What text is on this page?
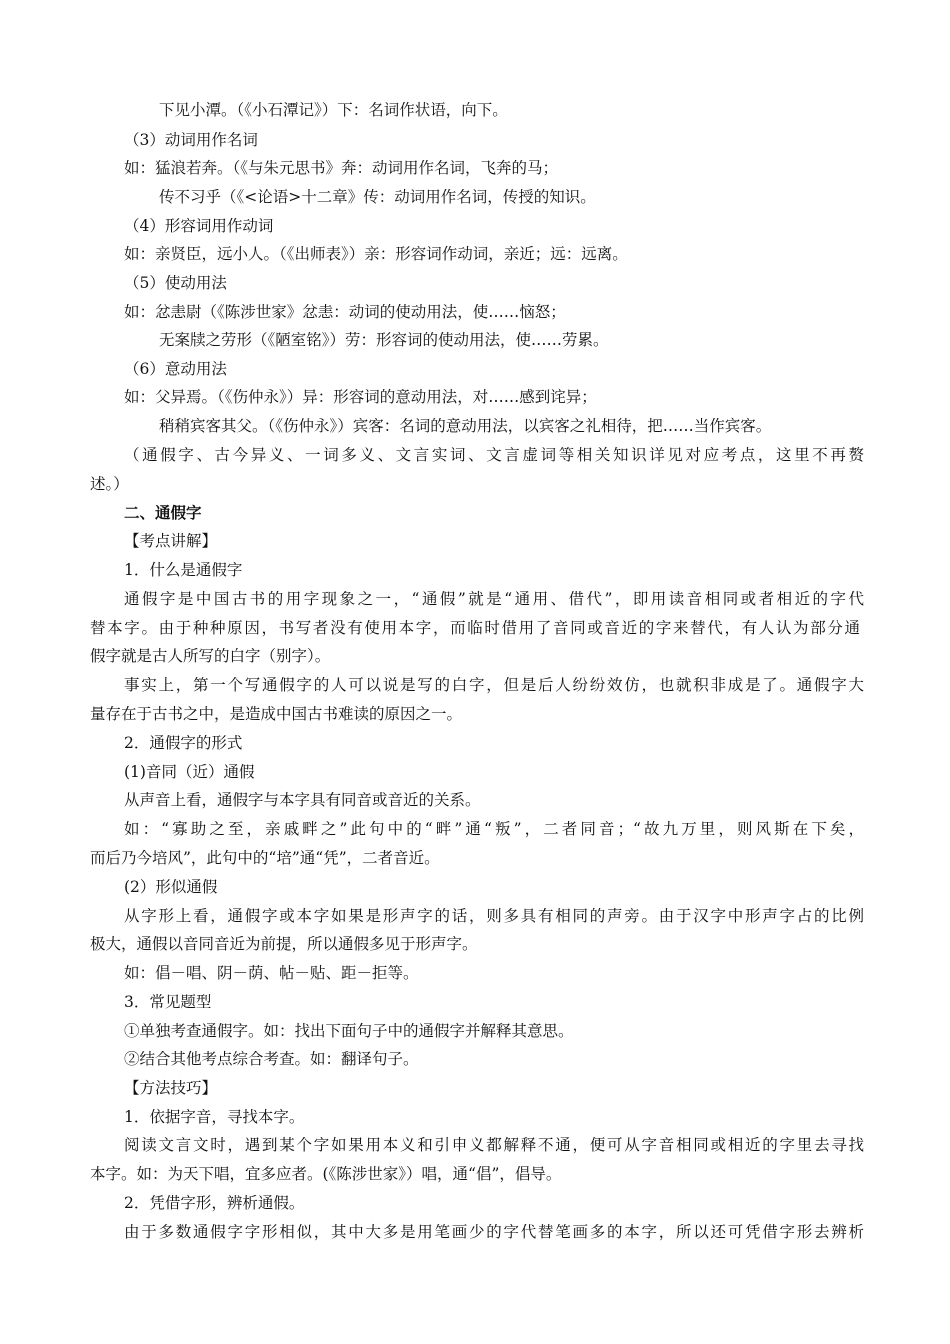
下见小潭。（《小石潭记》）下：名词作状语，向下。
（3）动词用作名词
如：猛浪若奔。（《与朱元思书》奔：动词用作名词，飞奔的马；
传不习乎（《<论语>十二章》传：动词用作名词，传授的知识。
（4）形容词用作动词
如：亲贤臣，远小人。（《出师表》）亲：形容词作动词，亲近；远：远离。
（5）使动用法
如：忿恚尉（《陈涉世家》忿恚：动词的使动用法，使……恼怒；
无案牍之劳形（《陋室铭》）劳：形容词的使动用法，使……劳累。
（6）意动用法
如：父异焉。（《伤仲永》）异：形容词的意动用法，对……感到诧异；
稍稍宾客其父。（《伤仲永》）宾客：名词的意动用法，以宾客之礼相待，把……当作宾客。
（通假字、古今异义、一词多义、文言实词、文言虚词等相关知识详见对应考点，这里不再赘
述。）
二、通假字
【考点讲解】
1．什么是通假字
通假字是中国古书的用字现象之一，“通假”就是“通用、借代”，即用读音相同或者相近的字代
替本字。由于种种原因，书写者没有使用本字，而临时借用了音同或音近的字来替代，有人认为部分通
假字就是古人所写的白字（别字）。
事实上，第一个写通假字的人可以说是写的白字，但是后人纷纷效仿，也就积非成是了。通假字大
量存在于古书之中，是造成中国古书难读的原因之一。
2．通假字的形式
(1)音同（近）通假
从声音上看，通假字与本字具有同音或音近的关系。
如：“寡助之至，亲戚畔之”此句中的“畔”通“叛”，二者同音；“故九万里，则风斯在下矣，
而后乃今培风”，此句中的“培”通“凭”，二者音近。
(2）形似通假
从字形上看，通假字或本字如果是形声字的话，则多具有相同的声旁。由于汉字中形声字占的比例
极大，通假以音同音近为前提，所以通假多见于形声字。
如：倡－唱、阴－荫、帖－贴、距－拒等。
3．常见题型
①单独考查通假字。如：找出下面句子中的通假字并解释其意思。
②结合其他考点综合考查。如：翻译句子。
【方法技巧】
1．依据字音，寻找本字。
阅读文言文时，遇到某个字如果用本义和引申义都解释不通，便可从字音相同或相近的字里去寻找
本字。如：为天下唱，宜多应者。(《陈涉世家》）唱，通“倡”，倡导。
2．凭借字形，辨析通假。
由于多数通假字字形相似，其中大多是用笔画少的字代替笔画多的本字，所以还可凭借字形去辨析
